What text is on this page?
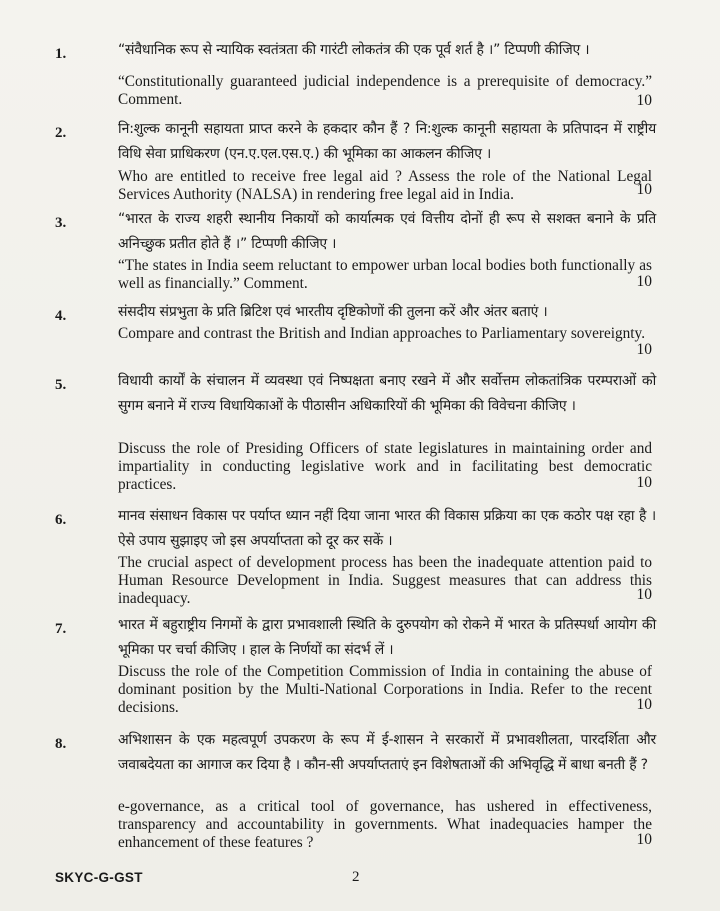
1.	“संवैधानिक रूप से न्यायिक स्वतंत्रता की गारंटी लोकतंत्र की एक पूर्व शर्त है ।” टिप्पणी कीजिए ।
“Constitutionally guaranteed judicial independence is a prerequisite of democracy.” Comment.	10
2.	नि:शुल्क कानूनी सहायता प्राप्त करने के हकदार कौन हैं ? नि:शुल्क कानूनी सहायता के प्रतिपादन में राष्ट्रीय विधि सेवा प्राधिकरण (एन.ए.एल.एस.ए.) की भूमिका का आकलन कीजिए ।
Who are entitled to receive free legal aid ? Assess the role of the National Legal Services Authority (NALSA) in rendering free legal aid in India.	10
3.	“भारत के राज्य शहरी स्थानीय निकायों को कार्यात्मक एवं वित्तीय दोनों ही रूप से सशक्त बनाने के प्रति अनिच्छुक प्रतीत होते हैं ।” टिप्पणी कीजिए ।
“The states in India seem reluctant to empower urban local bodies both functionally as well as financially.” Comment.	10
4.	संसदीय संप्रभुता के प्रति ब्रिटिश एवं भारतीय दृष्टिकोणों की तुलना करें और अंतर बताएं ।
Compare and contrast the British and Indian approaches to Parliamentary sovereignty.
10
5.	विधायी कार्यों के संचालन में व्यवस्था एवं निष्पक्षता बनाए रखने में और सर्वोत्तम लोकतांत्रिक परम्पराओं को सुगम बनाने में राज्य विधायिकाओं के पीठासीन अधिकारियों की भूमिका की विवेचना कीजिए ।
Discuss the role of Presiding Officers of state legislatures in maintaining order and impartiality in conducting legislative work and in facilitating best democratic practices.	10
6.	मानव संसाधन विकास पर पर्याप्त ध्यान नहीं दिया जाना भारत की विकास प्रक्रिया का एक कठोर पक्ष रहा है । ऐसे उपाय सुझाइए जो इस अपर्याप्तता को दूर कर सकें ।
The crucial aspect of development process has been the inadequate attention paid to Human Resource Development in India. Suggest measures that can address this inadequacy.	10
7.	भारत में बहुराष्ट्रीय निगमों के द्वारा प्रभावशाली स्थिति के दुरुपयोग को रोकने में भारत के प्रतिस्पर्धा आयोग की भूमिका पर चर्चा कीजिए । हाल के निर्णयों का संदर्भ लें ।
Discuss the role of the Competition Commission of India in containing the abuse of dominant position by the Multi-National Corporations in India. Refer to the recent decisions.	10
8.	अभिशासन के एक महत्वपूर्ण उपकरण के रूप में ई-शासन ने सरकारों में प्रभावशीलता, पारदर्शिता और जवाबदेयता का आगाज कर दिया है । कौन-सी अपर्याप्तताएं इन विशेषताओं की अभिवृद्धि में बाधा बनती हैं ?
e-governance, as a critical tool of governance, has ushered in effectiveness, transparency and accountability in governments. What inadequacies hamper the enhancement of these features ?	10
SKYC-G-GST	2
